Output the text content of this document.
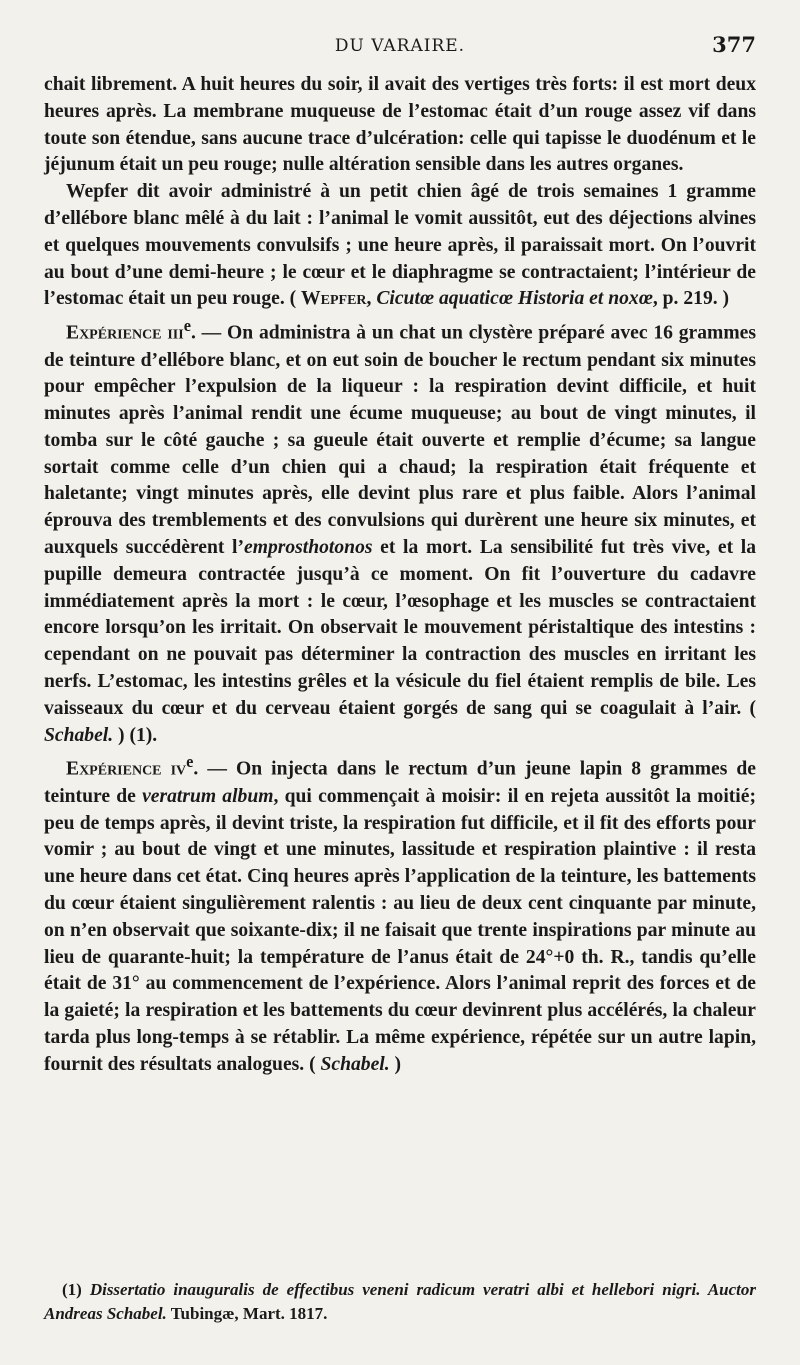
DU VARAIRE.	377

chait librement. A huit heures du soir, il avait des vertiges très forts: il est mort deux heures après. La membrane muqueuse de l’estomac était d’un rouge assez vif dans toute son étendue, sans aucune trace d’ulcération: celle qui tapisse le duodénum et le jéjunum était un peu rouge; nulle altération sensible dans les autres organes.

Wepfer dit avoir administré à un petit chien âgé de trois semaines 1 gramme d’ellébore blanc mêlé à du lait : l’animal le vomit aussitôt, eut des déjections alvines et quelques mouvements convulsifs ; une heure après, il paraissait mort. On l’ouvrit au bout d’une demi-heure ; le cœur et le diaphragme se contractaient; l’intérieur de l’estomac était un peu rouge. ( Wepfer, Cicutœ aquaticœ Historia et noxœ, p. 219. )

Expérience iii$^e$. — On administra à un chat un clystère préparé avec 16 grammes de teinture d’ellébore blanc, et on eut soin de boucher le rectum pendant six minutes pour empêcher l’expulsion de la liqueur : la respiration devint difficile, et huit minutes après l’animal rendit une écume muqueuse; au bout de vingt minutes, il tomba sur le côté gauche ; sa gueule était ouverte et remplie d’écume; sa langue sortait comme celle d’un chien qui a chaud; la respiration était fréquente et haletante; vingt minutes après, elle devint plus rare et plus faible. Alors l’animal éprouva des tremblements et des convulsions qui durèrent une heure six minutes, et auxquels succédèrent l’emprosthotonos et la mort. La sensibilité fut très vive, et la pupille demeura contractée jusqu’à ce moment. On fit l’ouverture du cadavre immédiatement après la mort : le cœur, l’œsophage et les muscles se contractaient encore lorsqu’on les irritait. On observait le mouvement péristaltique des intestins : cependant on ne pouvait pas déterminer la contraction des muscles en irritant les nerfs. L’estomac, les intestins grêles et la vésicule du fiel étaient remplis de bile. Les vaisseaux du cœur et du cerveau étaient gorgés de sang qui se coagulait à l’air. ( Schabel. ) (1).

Expérience $iv^e$. — On injecta dans le rectum d’un jeune lapin 8 grammes de teinture de veratrum album, qui commençait à moisir: il en rejeta aussitôt la moitié; peu de temps après, il devint triste, la respiration fut difficile, et il fit des efforts pour vomir ; au bout de vingt et une minutes, lassitude et respiration plaintive : il resta une heure dans cet état. Cinq heures après l’application de la teinture, les battements du cœur étaient singulièrement ralentis : au lieu de deux cent cinquante par minute, on n’en observait que soixante-dix; il ne faisait que trente inspirations par minute au lieu de quarante-huit; la température de l’anus était de 24°+0 th. R., tandis qu’elle était de 31° au commencement de l’expérience. Alors l’animal reprit des forces et de la gaieté; la respiration et les battements du cœur devinrent plus accélérés, la chaleur tarda plus long-temps à se rétablir. La même expérience, répétée sur un autre lapin, fournit des résultats analogues. ( Schabel. )

(1) Dissertatio inauguralis de effectibus veneni radicum veratri albi et hellebori nigri. Auctor Andreas Schabel. Tubingæ, Mart. 1817.
